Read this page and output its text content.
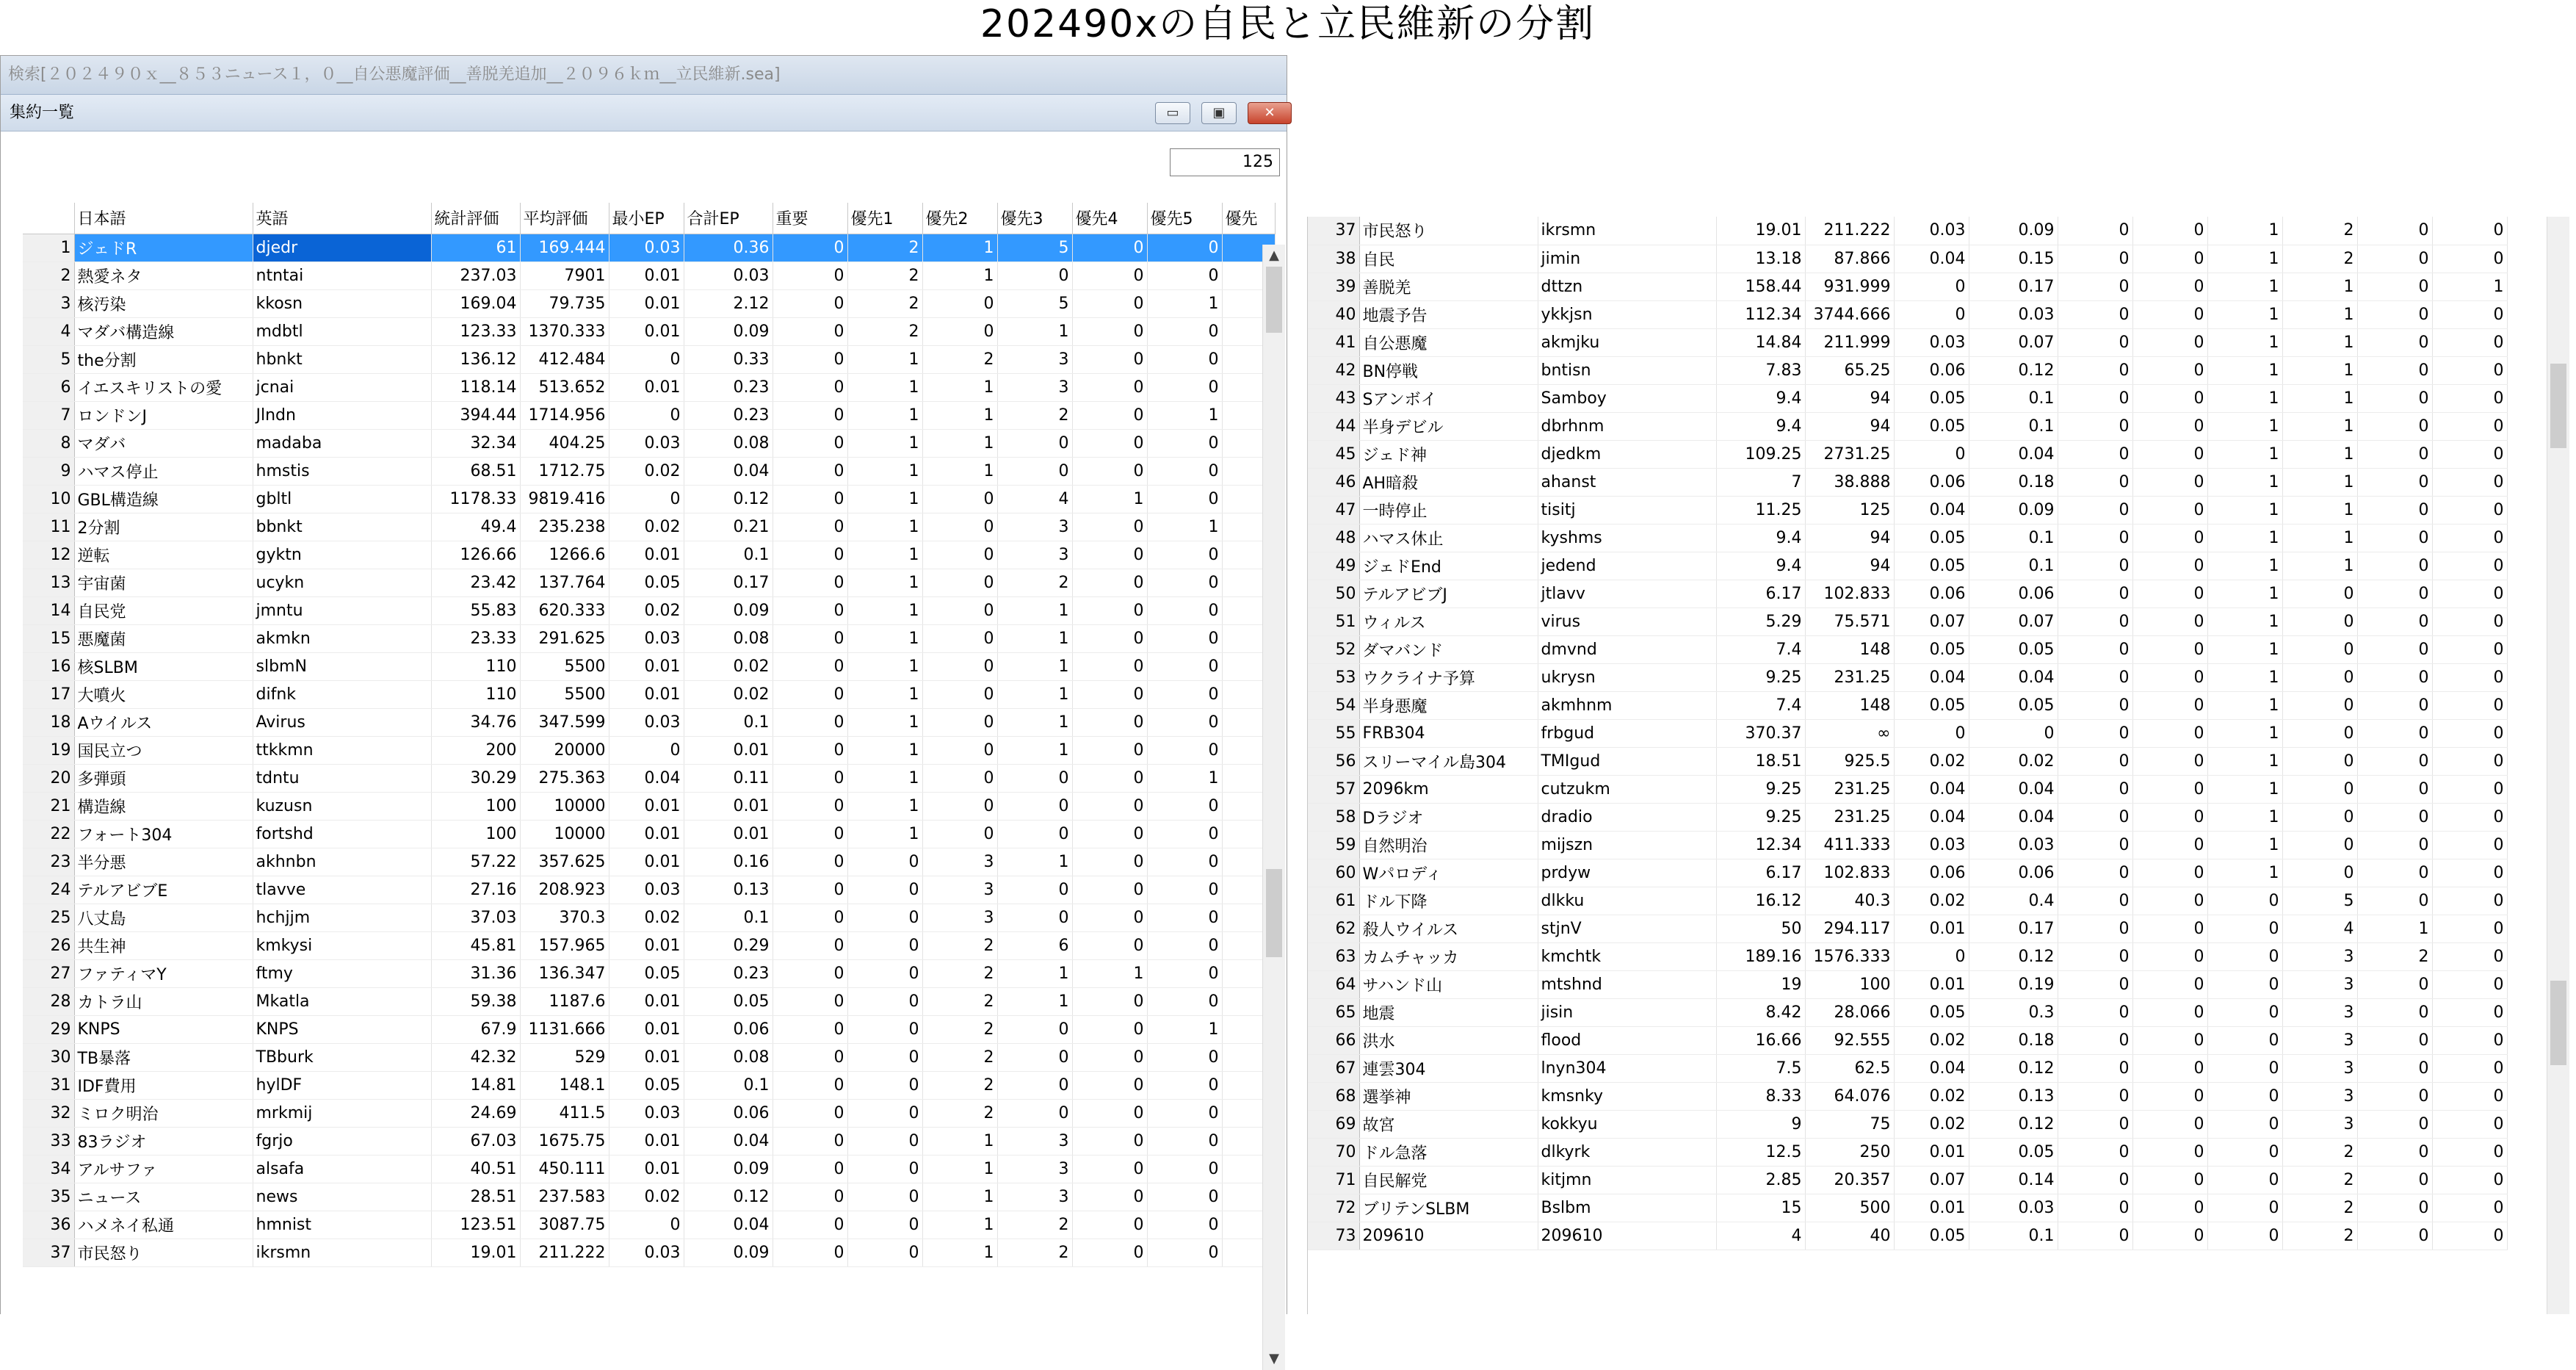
202490xの自民と立民維新の分割
検索[２０２４９０ｘ__８５３ニュース１，０__自公悪魔評価__善脱羌追加__２０９６ｋｍ__立民維新.sea]
集約一覧	▭	▣	✕
125
	日本語	英語	統計評価	平均評価	最小EP	合計EP	重要	優先1	優先2	優先3	優先4	優先5	優先
1	ジェドR	djedr	61	169.444	0.03	0.36	0	2	1	5	0	0	
2	熱愛ネタ	ntntai	237.03	7901	0.01	0.03	0	2	1	0	0	0	
3	核汚染	kkosn	169.04	79.735	0.01	2.12	0	2	0	5	0	1	
4	マダバ構造線	mdbtl	123.33	1370.333	0.01	0.09	0	2	0	1	0	0	
5	the分割	hbnkt	136.12	412.484	0	0.33	0	1	2	3	0	0	
6	イエスキリストの愛	jcnai	118.14	513.652	0.01	0.23	0	1	1	3	0	0	
7	ロンドンJ	Jlndn	394.44	1714.956	0	0.23	0	1	1	2	0	1	
8	マダバ	madaba	32.34	404.25	0.03	0.08	0	1	1	0	0	0	
9	ハマス停止	hmstis	68.51	1712.75	0.02	0.04	0	1	1	0	0	0	
10	GBL構造線	gbltl	1178.33	9819.416	0	0.12	0	1	0	4	1	0	
11	2分割	bbnkt	49.4	235.238	0.02	0.21	0	1	0	3	0	1	
12	逆転	gyktn	126.66	1266.6	0.01	0.1	0	1	0	3	0	0	
13	宇宙菌	ucykn	23.42	137.764	0.05	0.17	0	1	0	2	0	0	
14	自民党	jmntu	55.83	620.333	0.02	0.09	0	1	0	1	0	0	
15	悪魔菌	akmkn	23.33	291.625	0.03	0.08	0	1	0	1	0	0	
16	核SLBM	slbmN	110	5500	0.01	0.02	0	1	0	1	0	0	
17	大噴火	difnk	110	5500	0.01	0.02	0	1	0	1	0	0	
18	Aウイルス	Avirus	34.76	347.599	0.03	0.1	0	1	0	1	0	0	
19	国民立つ	ttkkmn	200	20000	0	0.01	0	1	0	1	0	0	
20	多弾頭	tdntu	30.29	275.363	0.04	0.11	0	1	0	0	0	1	
21	構造線	kuzusn	100	10000	0.01	0.01	0	1	0	0	0	0	
22	フォート304	fortshd	100	10000	0.01	0.01	0	1	0	0	0	0	
23	半分悪	akhnbn	57.22	357.625	0.01	0.16	0	0	3	1	0	0	
24	テルアビブE	tlavve	27.16	208.923	0.03	0.13	0	0	3	0	0	0	
25	八丈島	hchjjm	37.03	370.3	0.02	0.1	0	0	3	0	0	0	
26	共生神	kmkysi	45.81	157.965	0.01	0.29	0	0	2	6	0	0	
27	ファティマY	ftmy	31.36	136.347	0.05	0.23	0	0	2	1	1	0	
28	カトラ山	Mkatla	59.38	1187.6	0.01	0.05	0	0	2	1	0	0	
29	KNPS	KNPS	67.9	1131.666	0.01	0.06	0	0	2	0	0	1	
30	TB暴落	TBburk	42.32	529	0.01	0.08	0	0	2	0	0	0	
31	IDF費用	hylDF	14.81	148.1	0.05	0.1	0	0	2	0	0	0	
32	ミロク明治	mrkmij	24.69	411.5	0.03	0.06	0	0	2	0	0	0	
33	83ラジオ	fgrjo	67.03	1675.75	0.01	0.04	0	0	1	3	0	0	
34	アルサファ	alsafa	40.51	450.111	0.01	0.09	0	0	1	3	0	0	
35	ニュース	news	28.51	237.583	0.02	0.12	0	0	1	3	0	0	
36	ハメネイ私通	hmnist	123.51	3087.75	0	0.04	0	0	1	2	0	0	
37	市民怒り	ikrsmn	19.01	211.222	0.03	0.09	0	0	1	2	0	0	
▲
▼
37	市民怒り	ikrsmn	19.01	211.222	0.03	0.09	0	0	1	2	0	0
38	自民	jimin	13.18	87.866	0.04	0.15	0	0	1	2	0	0
39	善脱羌	dttzn	158.44	931.999	0	0.17	0	0	1	1	0	1
40	地震予告	ykkjsn	112.34	3744.666	0	0.03	0	0	1	1	0	0
41	自公悪魔	akmjku	14.84	211.999	0.03	0.07	0	0	1	1	0	0
42	BN停戦	bntisn	7.83	65.25	0.06	0.12	0	0	1	1	0	0
43	Sアンボイ	Samboy	9.4	94	0.05	0.1	0	0	1	1	0	0
44	半身デビル	dbrhnm	9.4	94	0.05	0.1	0	0	1	1	0	0
45	ジェド神	djedkm	109.25	2731.25	0	0.04	0	0	1	1	0	0
46	AH暗殺	ahanst	7	38.888	0.06	0.18	0	0	1	1	0	0
47	一時停止	tisitj	11.25	125	0.04	0.09	0	0	1	1	0	0
48	ハマス休止	kyshms	9.4	94	0.05	0.1	0	0	1	1	0	0
49	ジェドEnd	jedend	9.4	94	0.05	0.1	0	0	1	1	0	0
50	テルアビブJ	jtlavv	6.17	102.833	0.06	0.06	0	0	1	0	0	0
51	ウィルス	virus	5.29	75.571	0.07	0.07	0	0	1	0	0	0
52	ダマバンド	dmvnd	7.4	148	0.05	0.05	0	0	1	0	0	0
53	ウクライナ予算	ukrysn	9.25	231.25	0.04	0.04	0	0	1	0	0	0
54	半身悪魔	akmhnm	7.4	148	0.05	0.05	0	0	1	0	0	0
55	FRB304	frbgud	370.37	∞	0	0	0	0	1	0	0	0
56	スリーマイル島304	TMIgud	18.51	925.5	0.02	0.02	0	0	1	0	0	0
57	2096km	cutzukm	9.25	231.25	0.04	0.04	0	0	1	0	0	0
58	Dラジオ	dradio	9.25	231.25	0.04	0.04	0	0	1	0	0	0
59	自然明治	mijszn	12.34	411.333	0.03	0.03	0	0	1	0	0	0
60	Wパロディ	prdyw	6.17	102.833	0.06	0.06	0	0	1	0	0	0
61	ドル下降	dlkku	16.12	40.3	0.02	0.4	0	0	0	5	0	0
62	殺人ウイルス	stjnV	50	294.117	0.01	0.17	0	0	0	4	1	0
63	カムチャッカ	kmchtk	189.16	1576.333	0	0.12	0	0	0	3	2	0
64	サハンド山	mtshnd	19	100	0.01	0.19	0	0	0	3	0	0
65	地震	jisin	8.42	28.066	0.05	0.3	0	0	0	3	0	0
66	洪水	flood	16.66	92.555	0.02	0.18	0	0	0	3	0	0
67	連雲304	lnyn304	7.5	62.5	0.04	0.12	0	0	0	3	0	0
68	選挙神	kmsnky	8.33	64.076	0.02	0.13	0	0	0	3	0	0
69	故宮	kokkyu	9	75	0.02	0.12	0	0	0	3	0	0
70	ドル急落	dlkyrk	12.5	250	0.01	0.05	0	0	0	2	0	0
71	自民解党	kitjmn	2.85	20.357	0.07	0.14	0	0	0	2	0	0
72	ブリテンSLBM	Bslbm	15	500	0.01	0.03	0	0	0	2	0	0
73	209610	209610	4	40	0.05	0.1	0	0	0	2	0	0
